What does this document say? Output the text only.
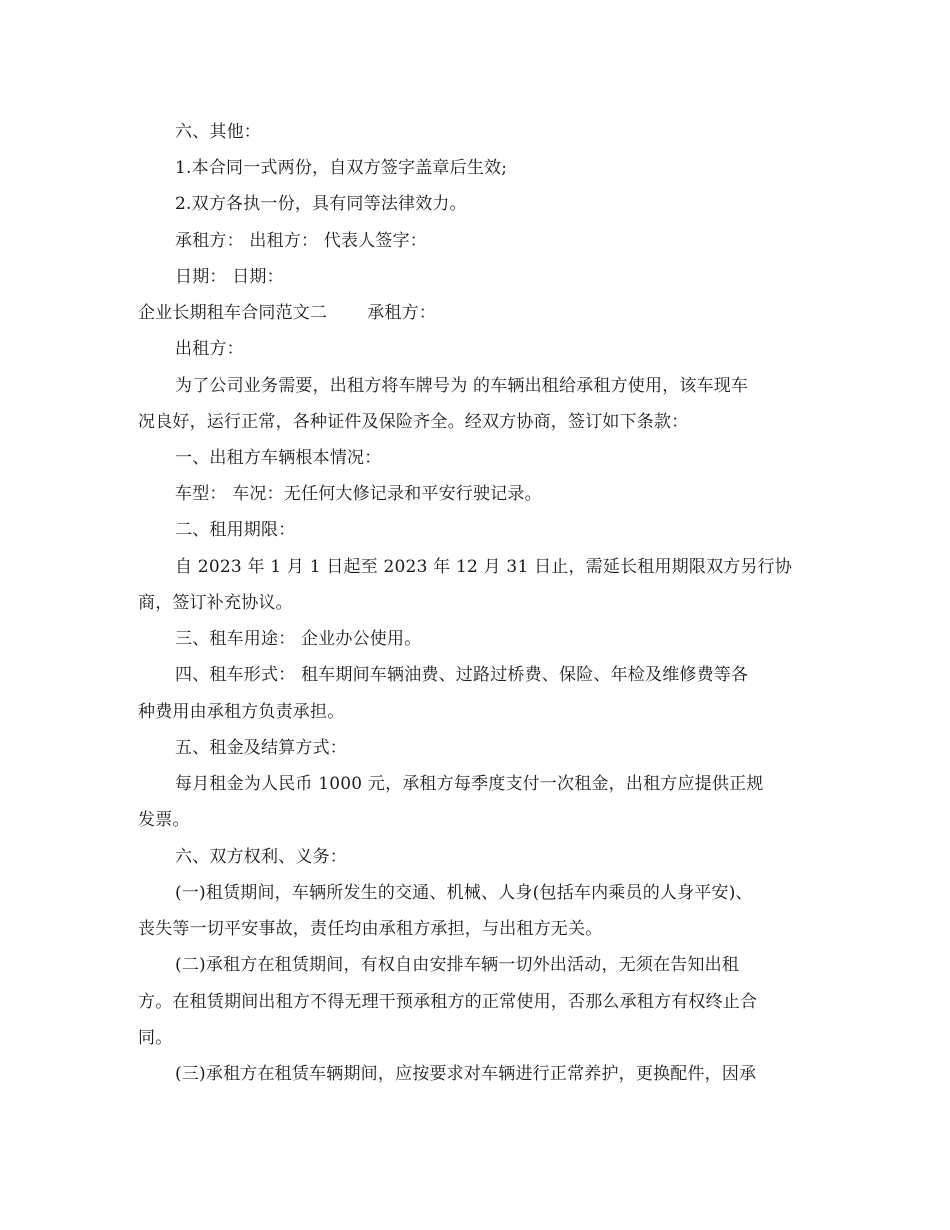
六、其他：
1.本合同一式两份，自双方签字盖章后生效;
2.双方各执一份，具有同等法律效力。
承租方： 出租方： 代表人签字：
日期： 日期：
企业长期租车合同范文二 承租方：
出租方：
为了公司业务需要，出租方将车牌号为 的车辆出租给承租方使用，该车现车
况良好，运行正常，各种证件及保险齐全。经双方协商，签订如下条款：
一、出租方车辆根本情况：
车型： 车况：无任何大修记录和平安行驶记录。
二、租用期限：
自 2023 年 1 月 1 日起至 2023 年 12 月 31 日止，需延长租用期限双方另行协
商，签订补充协议。
三、租车用途： 企业办公使用。
四、租车形式： 租车期间车辆油费、过路过桥费、保险、年检及维修费等各
种费用由承租方负责承担。
五、租金及结算方式：
每月租金为人民币 1000 元，承租方每季度支付一次租金，出租方应提供正规
发票。
六、双方权利、义务：
(一)租赁期间，车辆所发生的交通、机械、人身(包括车内乘员的人身平安)、
丧失等一切平安事故，责任均由承租方承担，与出租方无关。
(二)承租方在租赁期间，有权自由安排车辆一切外出活动，无须在告知出租
方。在租赁期间出租方不得无理干预承租方的正常使用，否那么承租方有权终止合
同。
(三)承租方在租赁车辆期间，应按要求对车辆进行正常养护，更换配件，因承
